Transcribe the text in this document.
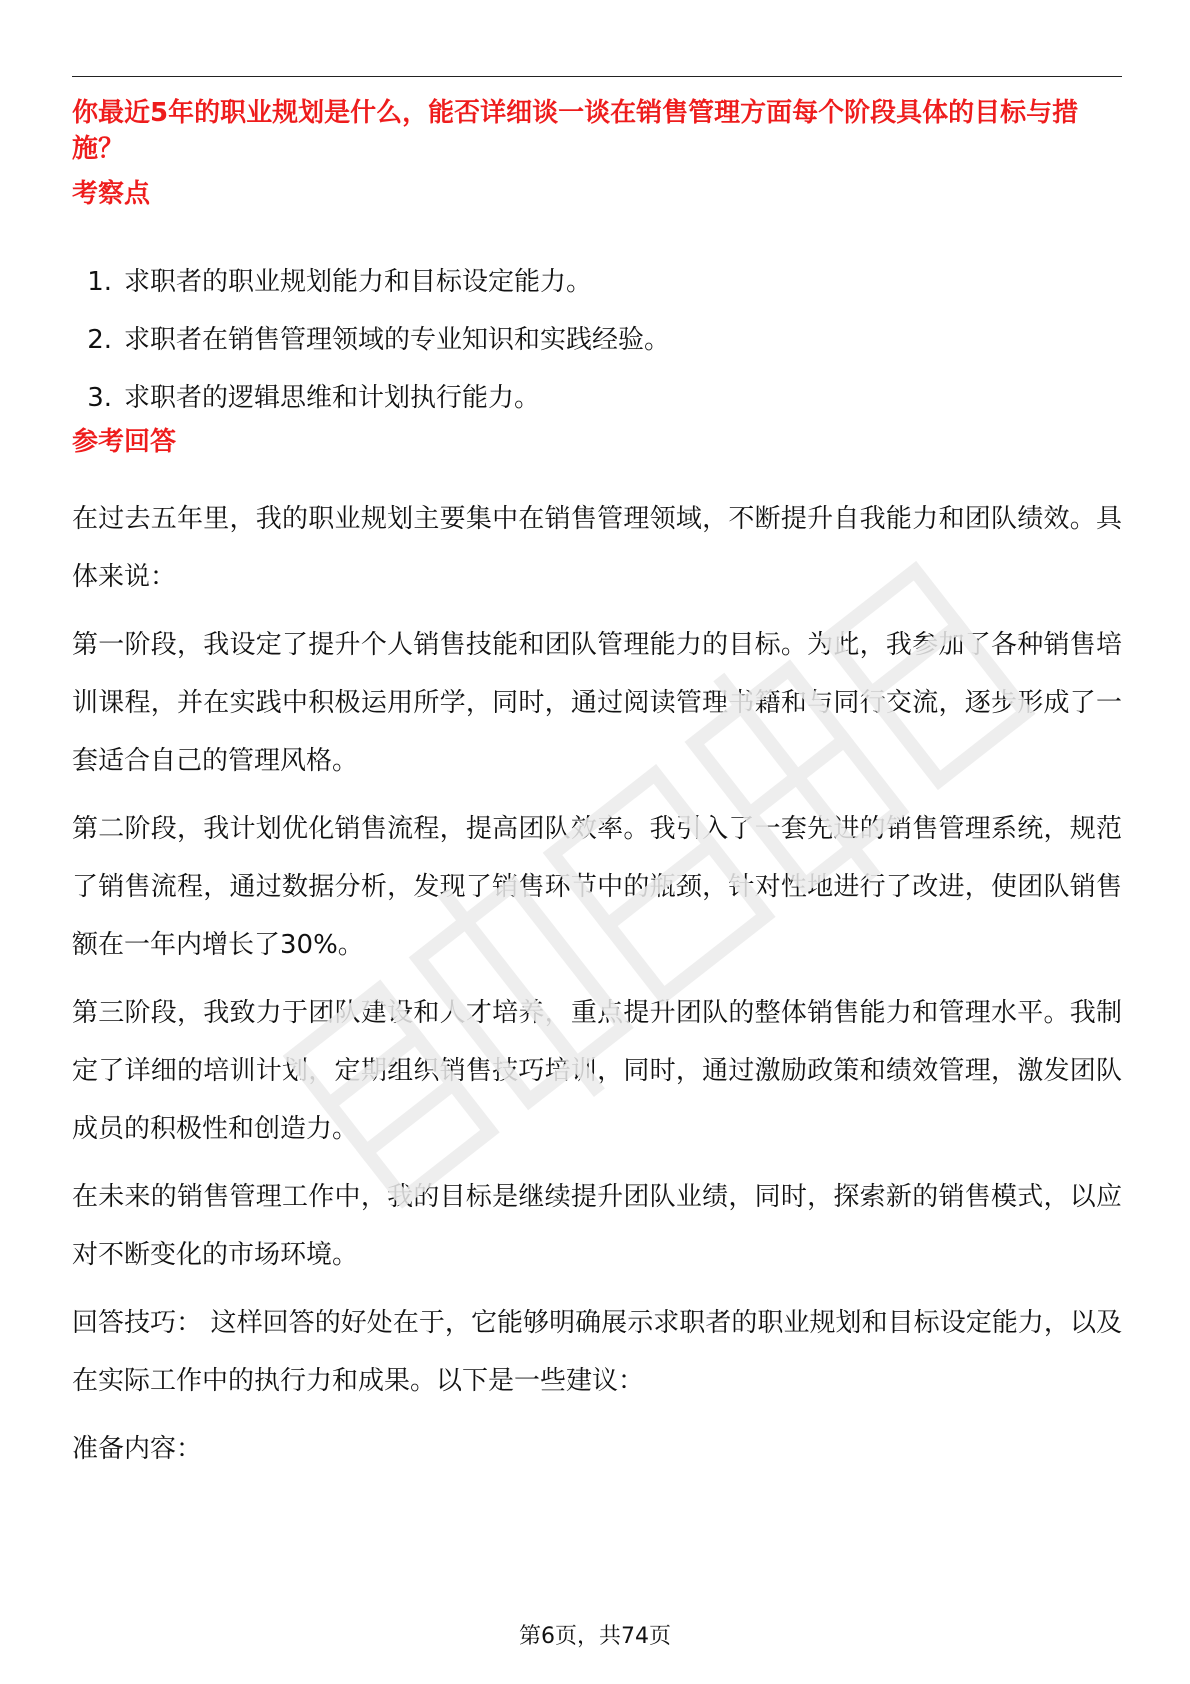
你最近5年的职业规划是什么，能否详细谈一谈在销售管理方面每个阶段具体的目标与措施？
考察点
1. 求职者的职业规划能力和目标设定能力。
2. 求职者在销售管理领域的专业知识和实践经验。
3. 求职者的逻辑思维和计划执行能力。
参考回答

在过去五年里，我的职业规划主要集中在销售管理领域，不断提升自我能力和团队绩效。具体来说：

第一阶段，我设定了提升个人销售技能和团队管理能力的目标。为此，我参加了各种销售培训课程，并在实践中积极运用所学，同时，通过阅读管理书籍和与同行交流，逐步形成了一套适合自己的管理风格。

第二阶段，我计划优化销售流程，提高团队效率。我引入了一套先进的销售管理系统，规范了销售流程，通过数据分析，发现了销售环节中的瓶颈，针对性地进行了改进，使团队销售额在一年内增长了30%。

第三阶段，我致力于团队建设和人才培养，重点提升团队的整体销售能力和管理水平。我制定了详细的培训计划，定期组织销售技巧培训，同时，通过激励政策和绩效管理，激发团队成员的积极性和创造力。

在未来的销售管理工作中，我的目标是继续提升团队业绩，同时，探索新的销售模式，以应对不断变化的市场环境。

回答技巧： 这样回答的好处在于，它能够明确展示求职者的职业规划和目标设定能力，以及在实际工作中的执行力和成果。以下是一些建议：

准备内容：

第6页，共74页
